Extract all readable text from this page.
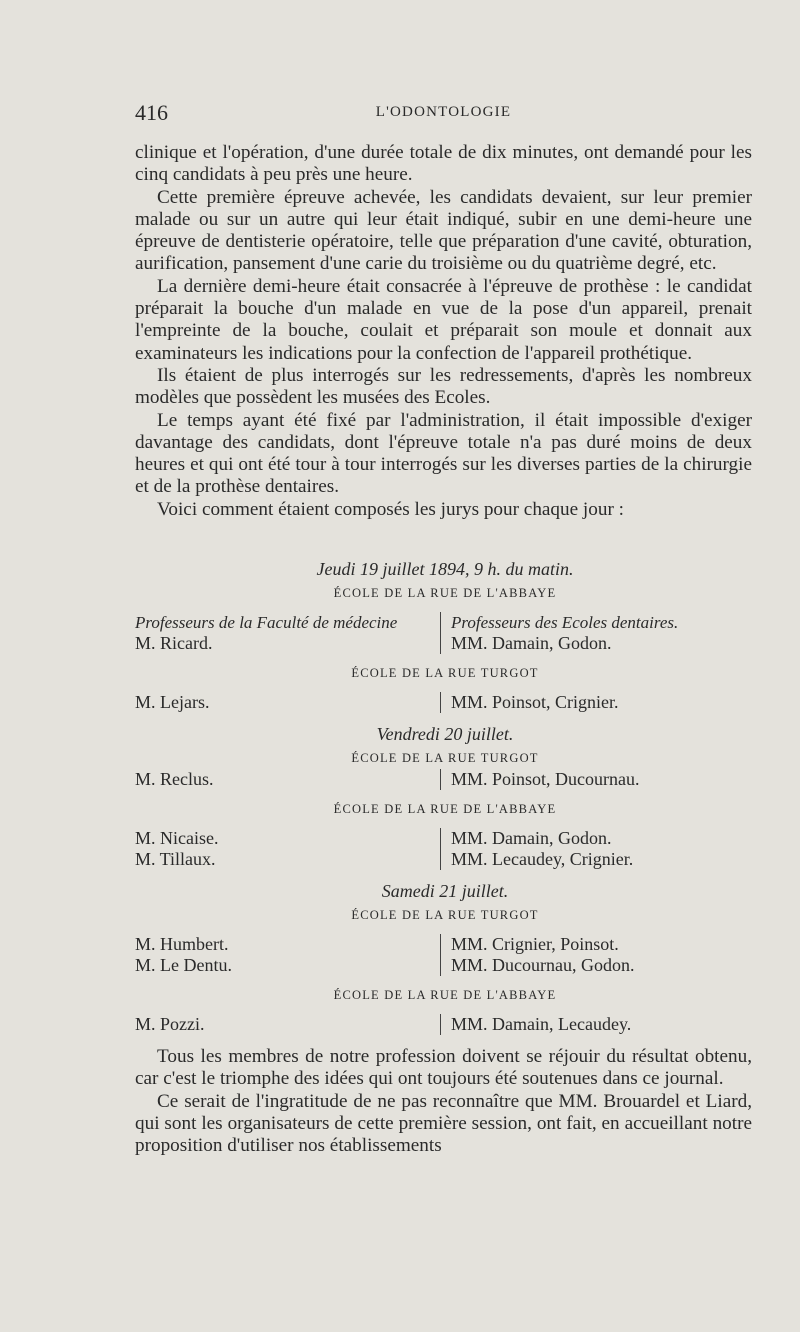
416	L'ODONTOLOGIE

clinique et l'opération, d'une durée totale de dix minutes, ont demandé pour les cinq candidats à peu près une heure.

Cette première épreuve achevée, les candidats devaient, sur leur premier malade ou sur un autre qui leur était indiqué, subir en une demi-heure une épreuve de dentisterie opératoire, telle que préparation d'une cavité, obturation, aurification, pansement d'une carie du troisième ou du quatrième degré, etc.

La dernière demi-heure était consacrée à l'épreuve de prothèse : le candidat préparait la bouche d'un malade en vue de la pose d'un appareil, prenait l'empreinte de la bouche, coulait et préparait son moule et donnait aux examinateurs les indications pour la confection de l'appareil prothétique.

Ils étaient de plus interrogés sur les redressements, d'après les nombreux modèles que possèdent les musées des Ecoles.

Le temps ayant été fixé par l'administration, il était impossible d'exiger davantage des candidats, dont l'épreuve totale n'a pas duré moins de deux heures et qui ont été tour à tour interrogés sur les diverses parties de la chirurgie et de la prothèse dentaires.

Voici comment étaient composés les jurys pour chaque jour :

Jeudi 19 juillet 1894, 9 h. du matin.
ÉCOLE DE LA RUE DE L'ABBAYE
Professeurs de la Faculté de médecine	Professeurs des Ecoles dentaires.
M. Ricard.	MM. Damain, Godon.
ÉCOLE DE LA RUE TURGOT
M. Lejars.	MM. Poinsot, Crignier.
Vendredi 20 juillet.
ÉCOLE DE LA RUE TURGOT
M. Reclus.	MM. Poinsot, Ducournau.
ÉCOLE DE LA RUE DE L'ABBAYE
M. Nicaise.	MM. Damain, Godon.
M. Tillaux.	MM. Lecaudey, Crignier.
Samedi 21 juillet.
ÉCOLE DE LA RUE TURGOT
M. Humbert.	MM. Crignier, Poinsot.
M. Le Dentu.	MM. Ducournau, Godon.
ÉCOLE DE LA RUE DE L'ABBAYE
M. Pozzi.	MM. Damain, Lecaudey.

Tous les membres de notre profession doivent se réjouir du résultat obtenu, car c'est le triomphe des idées qui ont toujours été soutenues dans ce journal.

Ce serait de l'ingratitude de ne pas reconnaître que MM. Brouardel et Liard, qui sont les organisateurs de cette première session, ont fait, en accueillant notre proposition d'utiliser nos établissements
